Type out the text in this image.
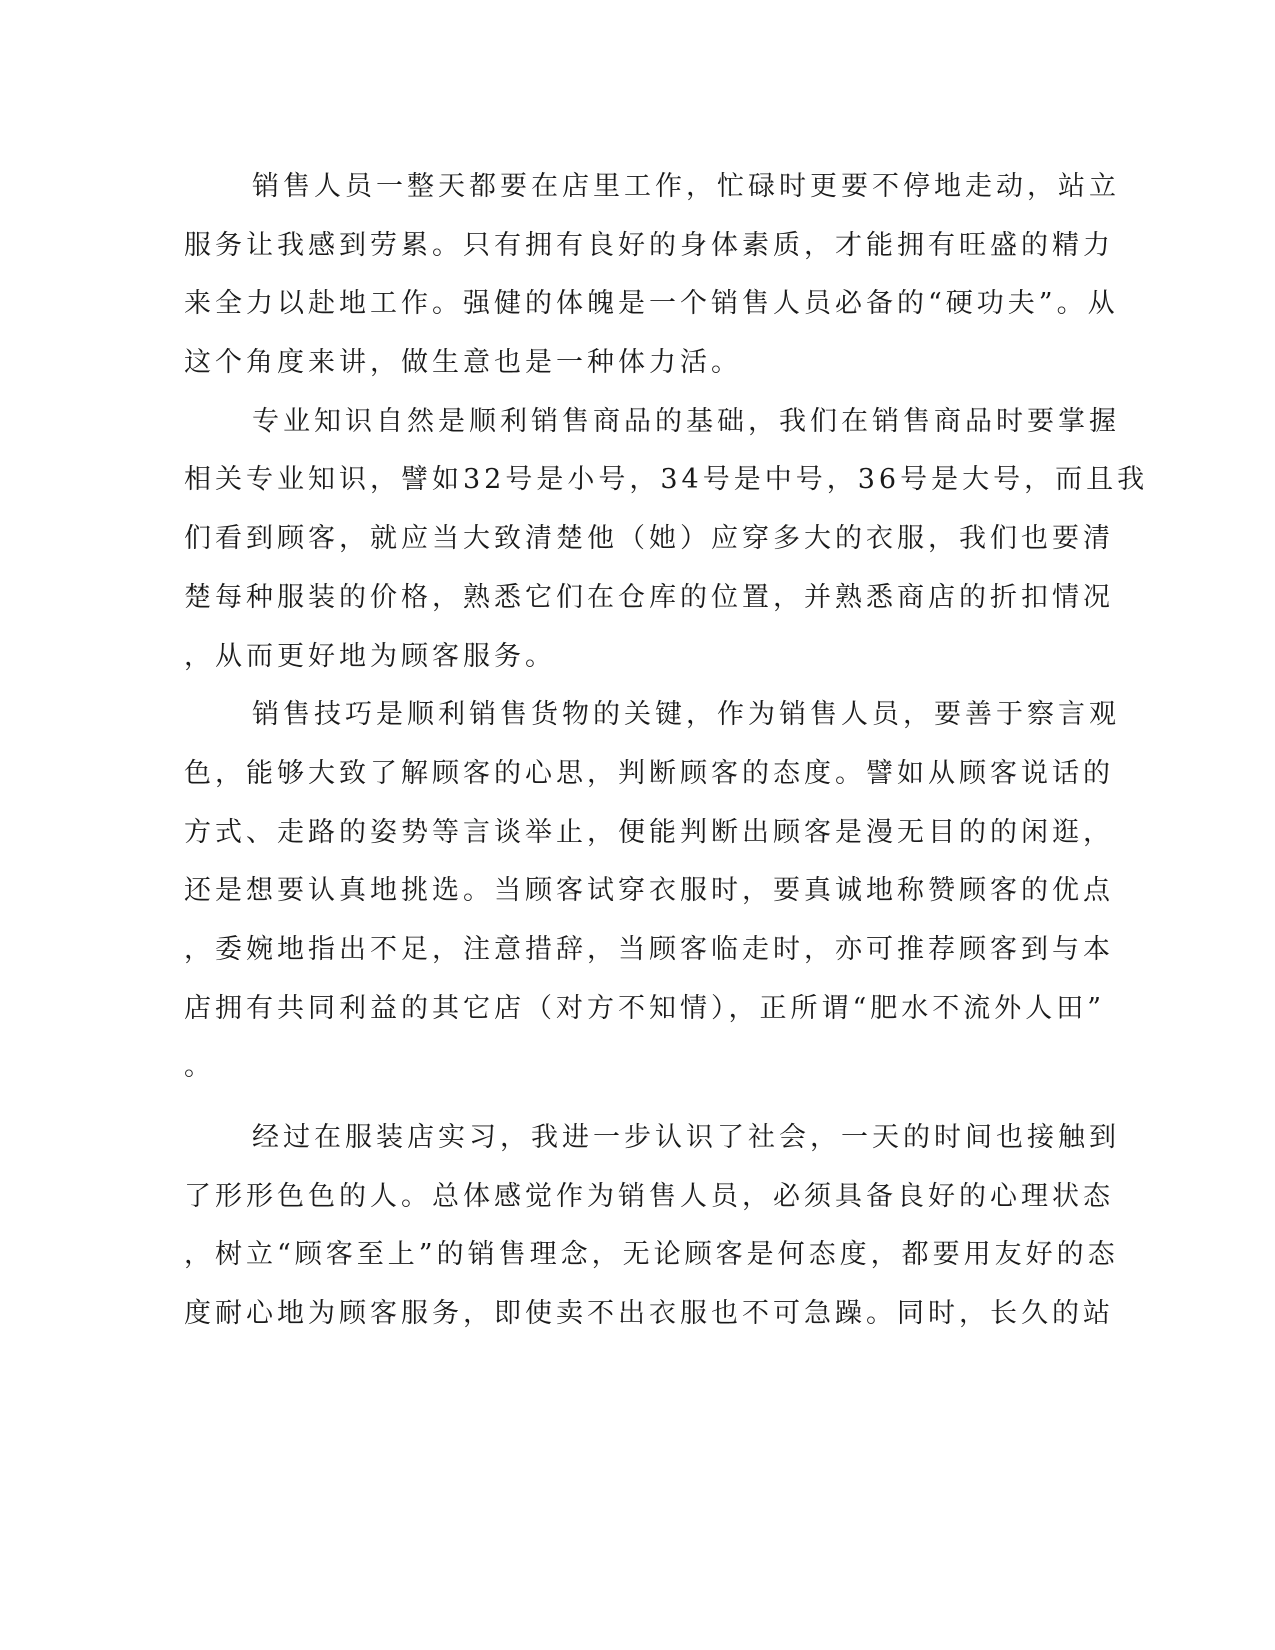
销售人员一整天都要在店里工作，忙碌时更要不停地走动，站立
服务让我感到劳累。只有拥有良好的身体素质，才能拥有旺盛的精力
来全力以赴地工作。强健的体魄是一个销售人员必备的“硬功夫”。从
这个角度来讲，做生意也是一种体力活。
专业知识自然是顺利销售商品的基础，我们在销售商品时要掌握
相关专业知识，譬如32号是小号，34号是中号，36号是大号，而且我
们看到顾客，就应当大致清楚他（她）应穿多大的衣服，我们也要清
楚每种服装的价格，熟悉它们在仓库的位置，并熟悉商店的折扣情况
，从而更好地为顾客服务。
销售技巧是顺利销售货物的关键，作为销售人员，要善于察言观
色，能够大致了解顾客的心思，判断顾客的态度。譬如从顾客说话的
方式、走路的姿势等言谈举止，便能判断出顾客是漫无目的的闲逛，
还是想要认真地挑选。当顾客试穿衣服时，要真诚地称赞顾客的优点
，委婉地指出不足，注意措辞，当顾客临走时，亦可推荐顾客到与本
店拥有共同利益的其它店（对方不知情），正所谓“肥水不流外人田”
。
经过在服装店实习，我进一步认识了社会，一天的时间也接触到
了形形色色的人。总体感觉作为销售人员，必须具备良好的心理状态
，树立“顾客至上”的销售理念，无论顾客是何态度，都要用友好的态
度耐心地为顾客服务，即使卖不出衣服也不可急躁。同时，长久的站
